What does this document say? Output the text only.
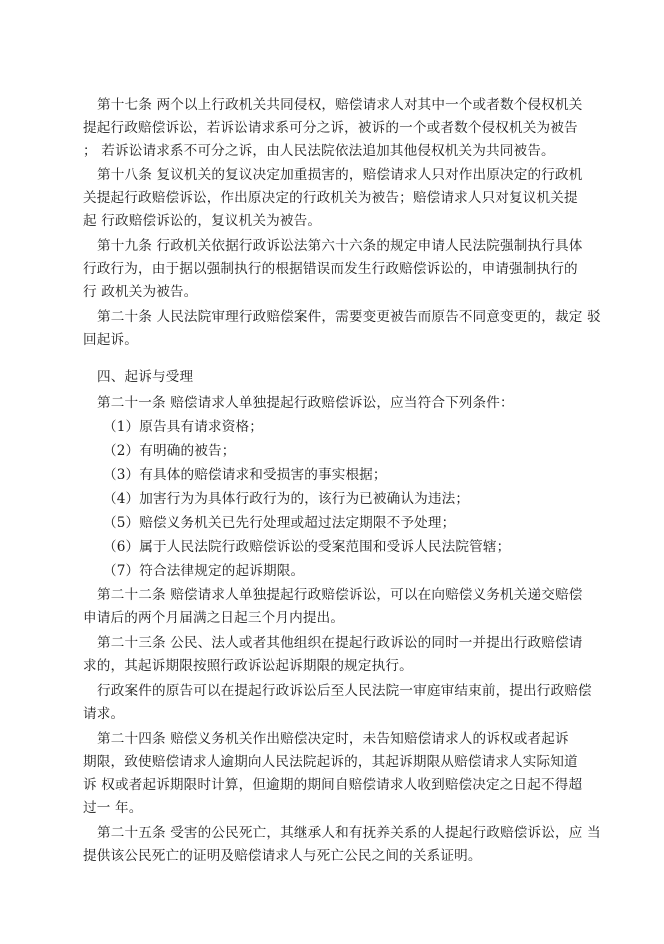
第十七条 两个以上行政机关共同侵权，赔偿请求人对其中一个或者数个侵权机关
提起行政赔偿诉讼，若诉讼请求系可分之诉，被诉的一个或者数个侵权机关为被告
； 若诉讼请求系不可分之诉，由人民法院依法追加其他侵权机关为共同被告。
第十八条 复议机关的复议决定加重损害的，赔偿请求人只对作出原决定的行政机
关提起行政赔偿诉讼，作出原决定的行政机关为被告；赔偿请求人只对复议机关提
起 行政赔偿诉讼的，复议机关为被告。
第十九条 行政机关依据行政诉讼法第六十六条的规定申请人民法院强制执行具体
行政行为，由于据以强制执行的根据错误而发生行政赔偿诉讼的，申请强制执行的
行 政机关为被告。
第二十条 人民法院审理行政赔偿案件，需要变更被告而原告不同意变更的，裁定 驳
回起诉。
四、起诉与受理
第二十一条 赔偿请求人单独提起行政赔偿诉讼，应当符合下列条件：
（1）原告具有请求资格；
（2）有明确的被告；
（3）有具体的赔偿请求和受损害的事实根据；
（4）加害行为为具体行政行为的，该行为已被确认为违法；
（5）赔偿义务机关已先行处理或超过法定期限不予处理；
（6）属于人民法院行政赔偿诉讼的受案范围和受诉人民法院管辖；
（7）符合法律规定的起诉期限。
第二十二条 赔偿请求人单独提起行政赔偿诉讼，可以在向赔偿义务机关递交赔偿
申请后的两个月届满之日起三个月内提出。
第二十三条 公民、法人或者其他组织在提起行政诉讼的同时一并提出行政赔偿请
求的，其起诉期限按照行政诉讼起诉期限的规定执行。
行政案件的原告可以在提起行政诉讼后至人民法院一审庭审结束前，提出行政赔偿
请求。
第二十四条 赔偿义务机关作出赔偿决定时，未告知赔偿请求人的诉权或者起诉
期限，致使赔偿请求人逾期向人民法院起诉的，其起诉期限从赔偿请求人实际知道
诉 权或者起诉期限时计算，但逾期的期间自赔偿请求人收到赔偿决定之日起不得超
过一 年。
第二十五条 受害的公民死亡，其继承人和有抚养关系的人提起行政赔偿诉讼，应 当
提供该公民死亡的证明及赔偿请求人与死亡公民之间的关系证明。
